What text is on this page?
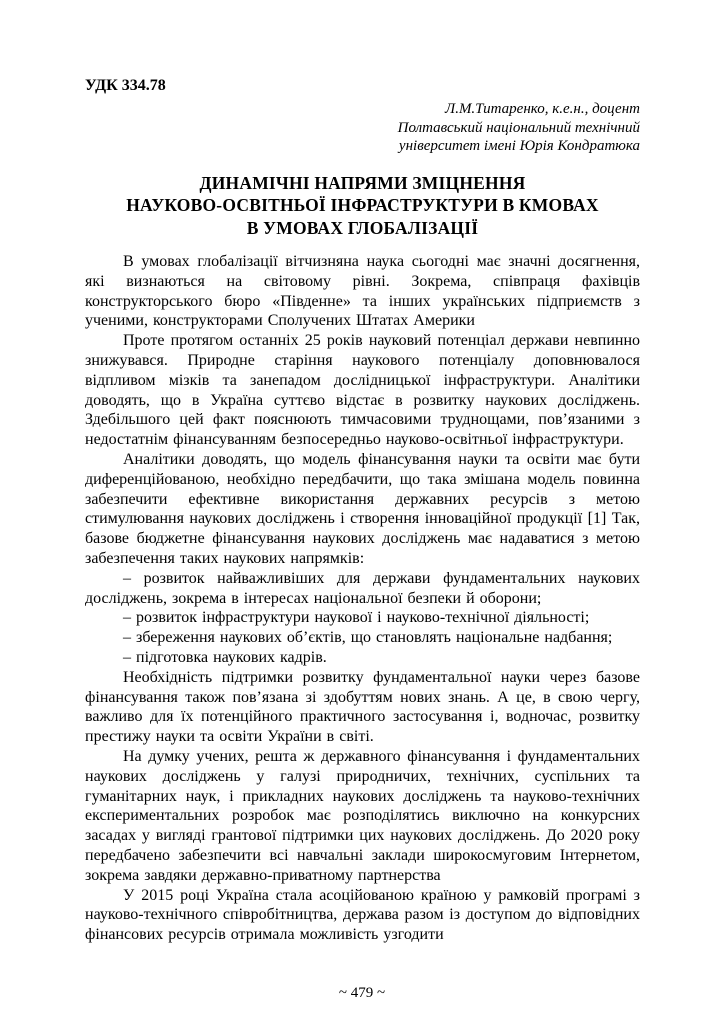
УДК 334.78
Л.М.Титаренко, к.е.н., доцент
Полтавський національний технічний
університет імені Юрія Кондратюка
ДИНАМІЧНІ НАПРЯМИ ЗМІЦНЕННЯ
НАУКОВО-ОСВІТНЬОЇ ІНФРАСТРУКТУРИ В КМОВАХ
В УМОВАХ ГЛОБАЛІЗАЦІЇ

В умовах глобалізації вітчизняна наука сьогодні має значні досягнення, які визнаються на світовому рівні. Зокрема, співпраця фахівців конструкторського бюро «Південне» та інших українських підприємств з ученими, конструкторами Сполучених Штатах Америки

Проте протягом останніх 25 років науковий потенціал держави невпинно знижувався. Природне старіння наукового потенціалу доповнювалося відпливом мізків та занепадом дослідницької інфраструктури. Аналітики доводять, що в Україна суттєво відстає в розвитку наукових досліджень. Здебільшого цей факт пояснюють тимчасовими труднощами, пов’язаними з недостатнім фінансуванням безпосередньо науково-освітньої інфраструктури.

Аналітики доводять, що модель фінансування науки та освіти має бути диференційованою, необхідно передбачити, що така змішана модель повинна забезпечити ефективне використання державних ресурсів з метою стимулювання наукових досліджень і створення інноваційної продукції [1] Так, базове бюджетне фінансування наукових досліджень має надаватися з метою забезпечення таких наукових напрямків:

– розвиток найважливіших для держави фундаментальних наукових досліджень, зокрема в інтересах національної безпеки й оборони;

– розвиток інфраструктури наукової і науково-технічної діяльності;

– збереження наукових об’єктів, що становлять національне надбання;

– підготовка наукових кадрів.

Необхідність підтримки розвитку фундаментальної науки через базове фінансування також пов’язана зі здобуттям нових знань. А це, в свою чергу, важливо для їх потенційного практичного застосування і, водночас, розвитку престижу науки та освіти України в світі.

На думку учених, решта ж державного фінансування і фундаментальних наукових досліджень у галузі природничих, технічних, суспільних та гуманітарних наук, і прикладних наукових досліджень та науково-технічних експериментальних розробок має розподілятись виключно на конкурсних засадах у вигляді грантової підтримки цих наукових досліджень. До 2020 року передбачено забезпечити всі навчальні заклади широкосмуговим Інтернетом, зокрема завдяки державно-приватному партнерства

У 2015 році Україна стала асоційованою країною у рамковій програмі з науково-технічного співробітництва, держава разом із доступом до відповідних фінансових ресурсів отримала можливість узгодити

~ 479 ~
